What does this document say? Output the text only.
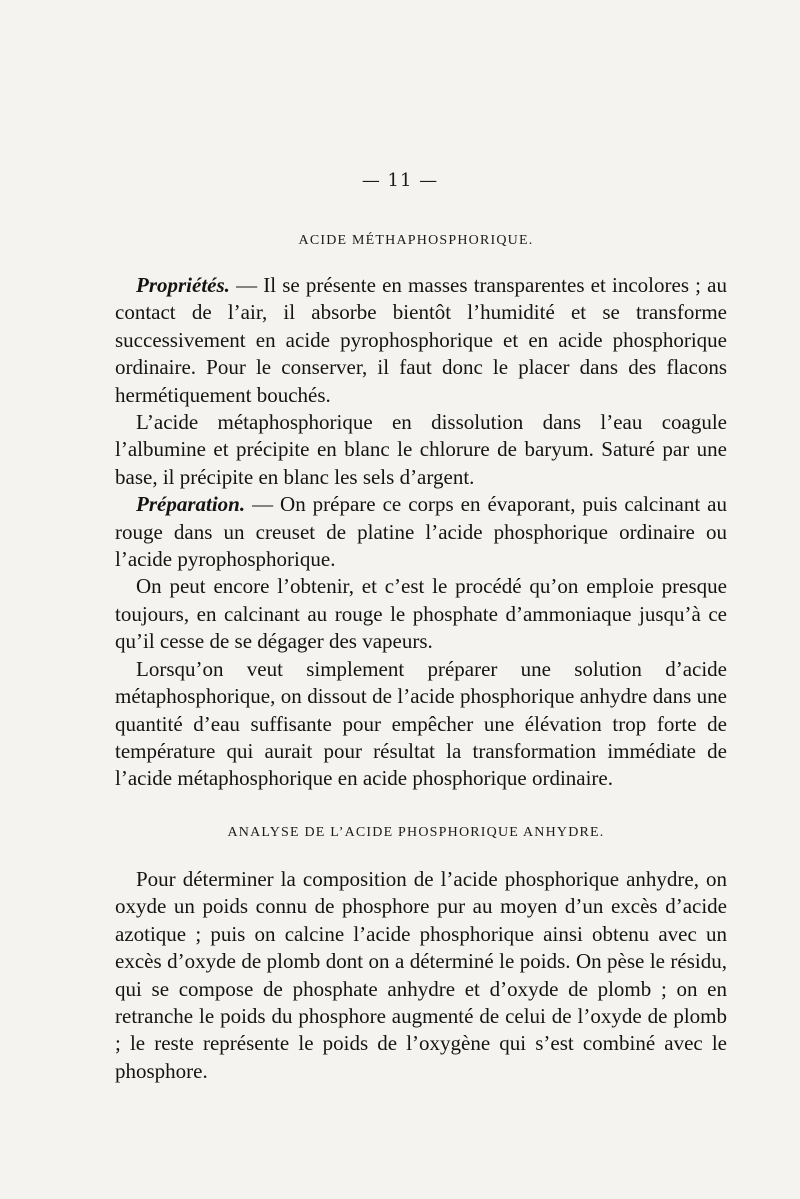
— 11 —
ACIDE MÉTHAPHOSPHORIQUE.

Propriétés. — Il se présente en masses transparentes et incolores ; au contact de l’air, il absorbe bientôt l’humidité et se transforme successivement en acide pyrophosphorique et en acide phosphorique ordinaire. Pour le conserver, il faut donc le placer dans des flacons hermétiquement bouchés.

L’acide métaphosphorique en dissolution dans l’eau coagule l’albumine et précipite en blanc le chlorure de baryum. Saturé par une base, il précipite en blanc les sels d’argent.

Préparation. — On prépare ce corps en évaporant, puis calcinant au rouge dans un creuset de platine l’acide phosphorique ordinaire ou l’acide pyrophosphorique.

On peut encore l’obtenir, et c’est le procédé qu’on emploie presque toujours, en calcinant au rouge le phosphate d’ammoniaque jusqu’à ce qu’il cesse de se dégager des vapeurs.

Lorsqu’on veut simplement préparer une solution d’acide métaphosphorique, on dissout de l’acide phosphorique anhydre dans une quantité d’eau suffisante pour empêcher une élévation trop forte de température qui aurait pour résultat la transformation immédiate de l’acide métaphosphorique en acide phosphorique ordinaire.

ANALYSE DE L’ACIDE PHOSPHORIQUE ANHYDRE.

Pour déterminer la composition de l’acide phosphorique anhydre, on oxyde un poids connu de phosphore pur au moyen d’un excès d’acide azotique ; puis on calcine l’acide phosphorique ainsi obtenu avec un excès d’oxyde de plomb dont on a déterminé le poids. On pèse le résidu, qui se compose de phosphate anhydre et d’oxyde de plomb ; on en retranche le poids du phosphore augmenté de celui de l’oxyde de plomb ; le reste représente le poids de l’oxygène qui s’est combiné avec le phosphore.
